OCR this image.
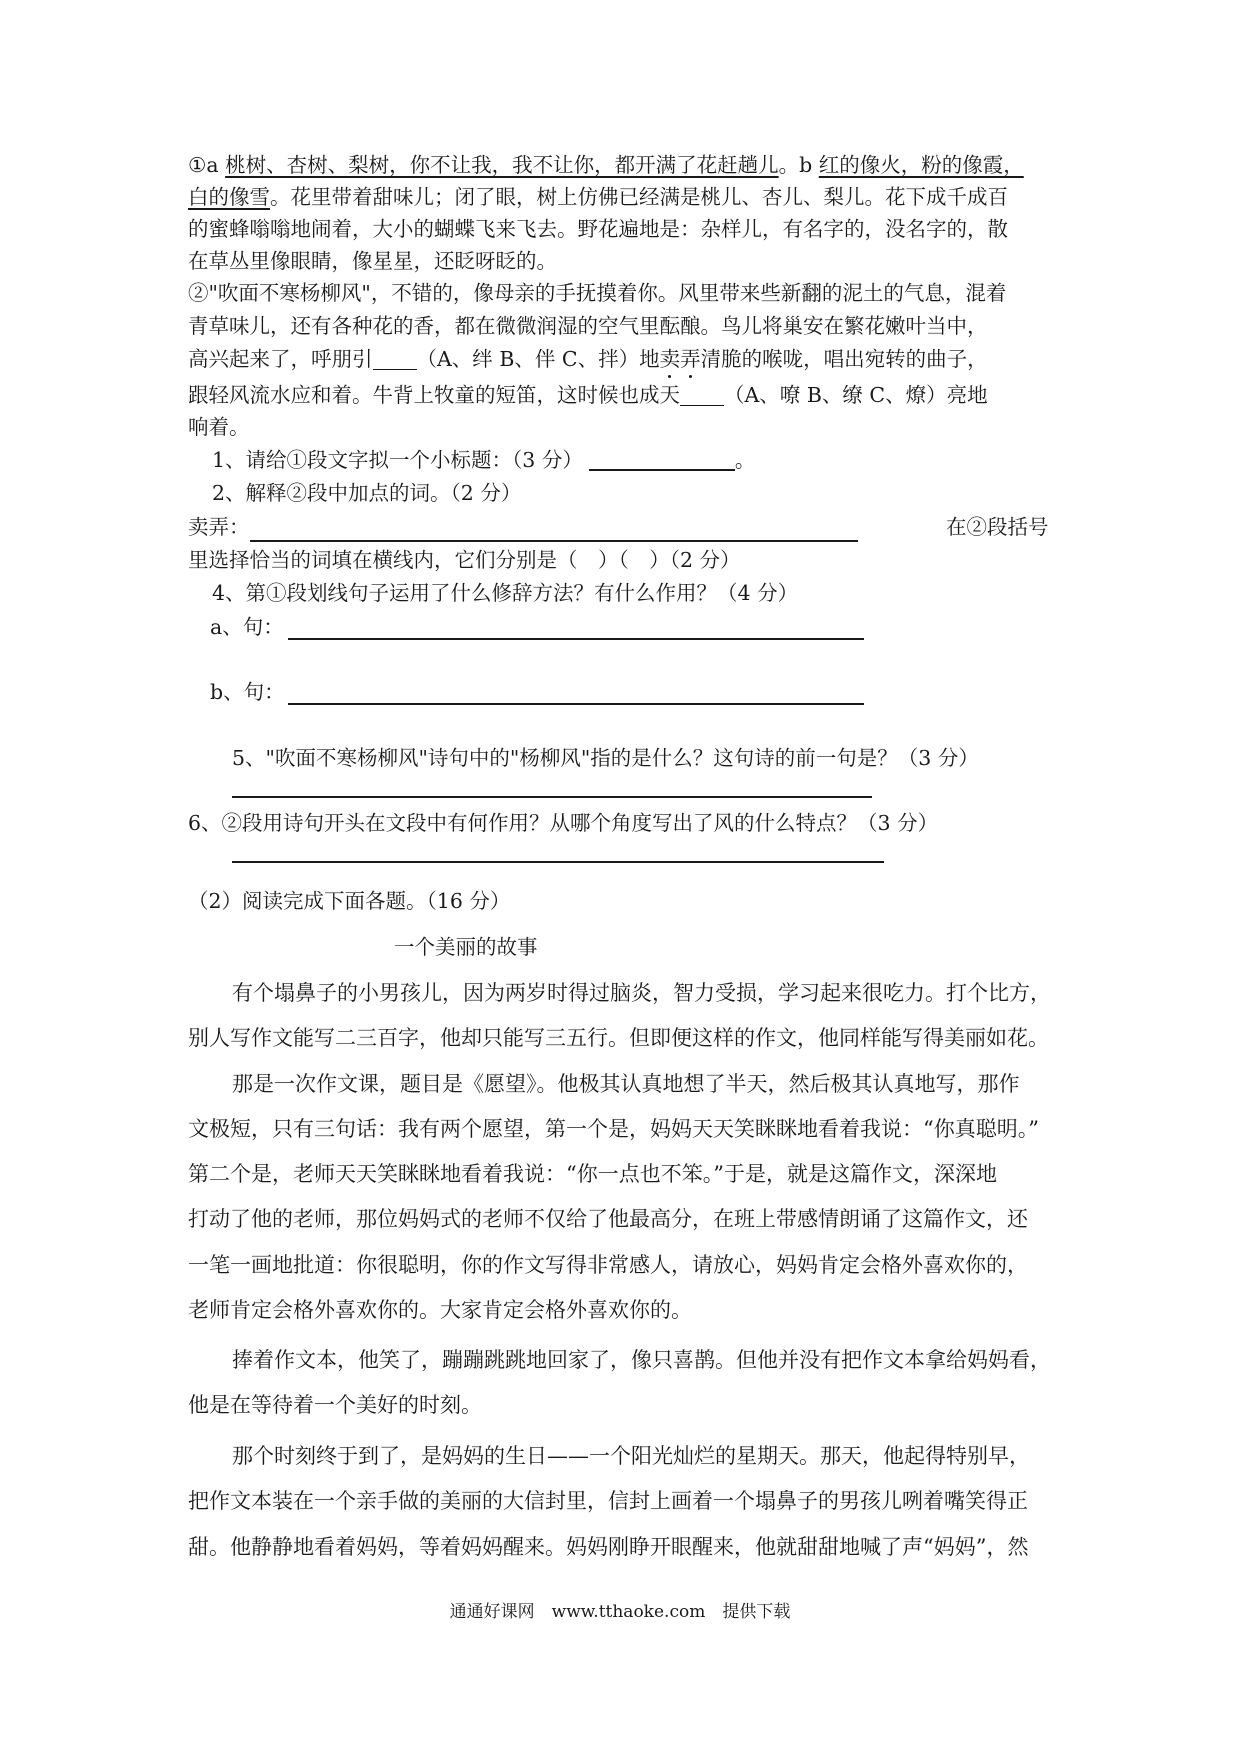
①a 桃树、杏树、梨树，你不让我，我不让你，都开满了花赶趟儿。b 红的像火，粉的像霞，
白的像雪。花里带着甜味儿；闭了眼，树上仿佛已经满是桃儿、杏儿、梨儿。花下成千成百
的蜜蜂嗡嗡地闹着，大小的蝴蝶飞来飞去。野花遍地是：杂样儿，有名字的，没名字的，散
在草丛里像眼睛，像星星，还眨呀眨的。
②"吹面不寒杨柳风"，不错的，像母亲的手抚摸着你。风里带来些新翻的泥土的气息，混着
青草味儿，还有各种花的香，都在微微润湿的空气里酝酿。鸟儿将巢安在繁花嫩叶当中，
高兴起来了，呼朋引 （A、绊 B、伴 C、拌）地卖弄清脆的喉咙，唱出宛转的曲子，
跟轻风流水应和着。牛背上牧童的短笛，这时候也成天 （A、嘹 B、缭 C、燎）亮地
响着。
1、请给①段文字拟一个小标题：（3 分）	。
2、解释②段中加点的词。（2 分）
卖弄：	在②段括号
里选择恰当的词填在横线内，它们分别是（　）（　）（2 分）
4、第①段划线句子运用了什么修辞方法？有什么作用？（4 分）
a、句：
b、句：
5、"吹面不寒杨柳风"诗句中的"杨柳风"指的是什么？这句诗的前一句是？（3 分）
6、②段用诗句开头在文段中有何作用？从哪个角度写出了风的什么特点？（3 分）
（2）阅读完成下面各题。（16 分）
一个美丽的故事
有个塌鼻子的小男孩儿，因为两岁时得过脑炎，智力受损，学习起来很吃力。打个比方，
别人写作文能写二三百字，他却只能写三五行。但即便这样的作文，他同样能写得美丽如花。
那是一次作文课，题目是《愿望》。他极其认真地想了半天，然后极其认真地写，那作
文极短，只有三句话：我有两个愿望，第一个是，妈妈天天笑眯眯地看着我说：“你真聪明。”
第二个是，老师天天笑眯眯地看着我说：“你一点也不笨。”于是，就是这篇作文，深深地
打动了他的老师，那位妈妈式的老师不仅给了他最高分，在班上带感情朗诵了这篇作文，还
一笔一画地批道：你很聪明，你的作文写得非常感人，请放心，妈妈肯定会格外喜欢你的，
老师肯定会格外喜欢你的。大家肯定会格外喜欢你的。
捧着作文本，他笑了，蹦蹦跳跳地回家了，像只喜鹊。但他并没有把作文本拿给妈妈看，
他是在等待着一个美好的时刻。
那个时刻终于到了，是妈妈的生日——一个阳光灿烂的星期天。那天，他起得特别早，
把作文本装在一个亲手做的美丽的大信封里，信封上画着一个塌鼻子的男孩儿咧着嘴笑得正
甜。他静静地看着妈妈，等着妈妈醒来。妈妈刚睁开眼醒来，他就甜甜地喊了声“妈妈”，然
通通好课网　www.tthaoke.com　提供下载
